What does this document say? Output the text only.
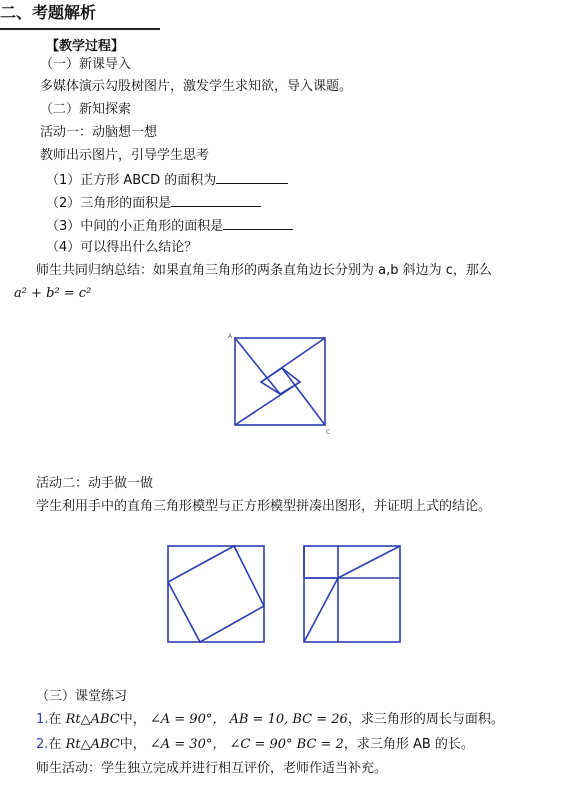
二、考题解析
【教学过程】
（一）新课导入
多媒体演示勾股树图片，激发学生求知欲，导入课题。
（二）新知探索
活动一：动脑想一想
教师出示图片，引导学生思考
（1）正方形 ABCD 的面积为
（2）三角形的面积是
（3）中间的小正角形的面积是
（4）可以得出什么结论？
师生共同归纳总结：如果直角三角形的两条直角边长分别为 a,b 斜边为 c，那么
a² + b² = c²
A
C
活动二：动手做一做
学生利用手中的直角三角形模型与正方形模型拼凑出图形，并证明上式的结论。
（三）课堂练习
1.在 Rt△ABC中， ∠A = 90°， AB = 10, BC = 26，求三角形的周长与面积。
2.在 Rt△ABC中， ∠A = 30°， ∠C = 90° BC = 2，求三角形 AB 的长。
师生活动：学生独立完成并进行相互评价，老师作适当补充。
